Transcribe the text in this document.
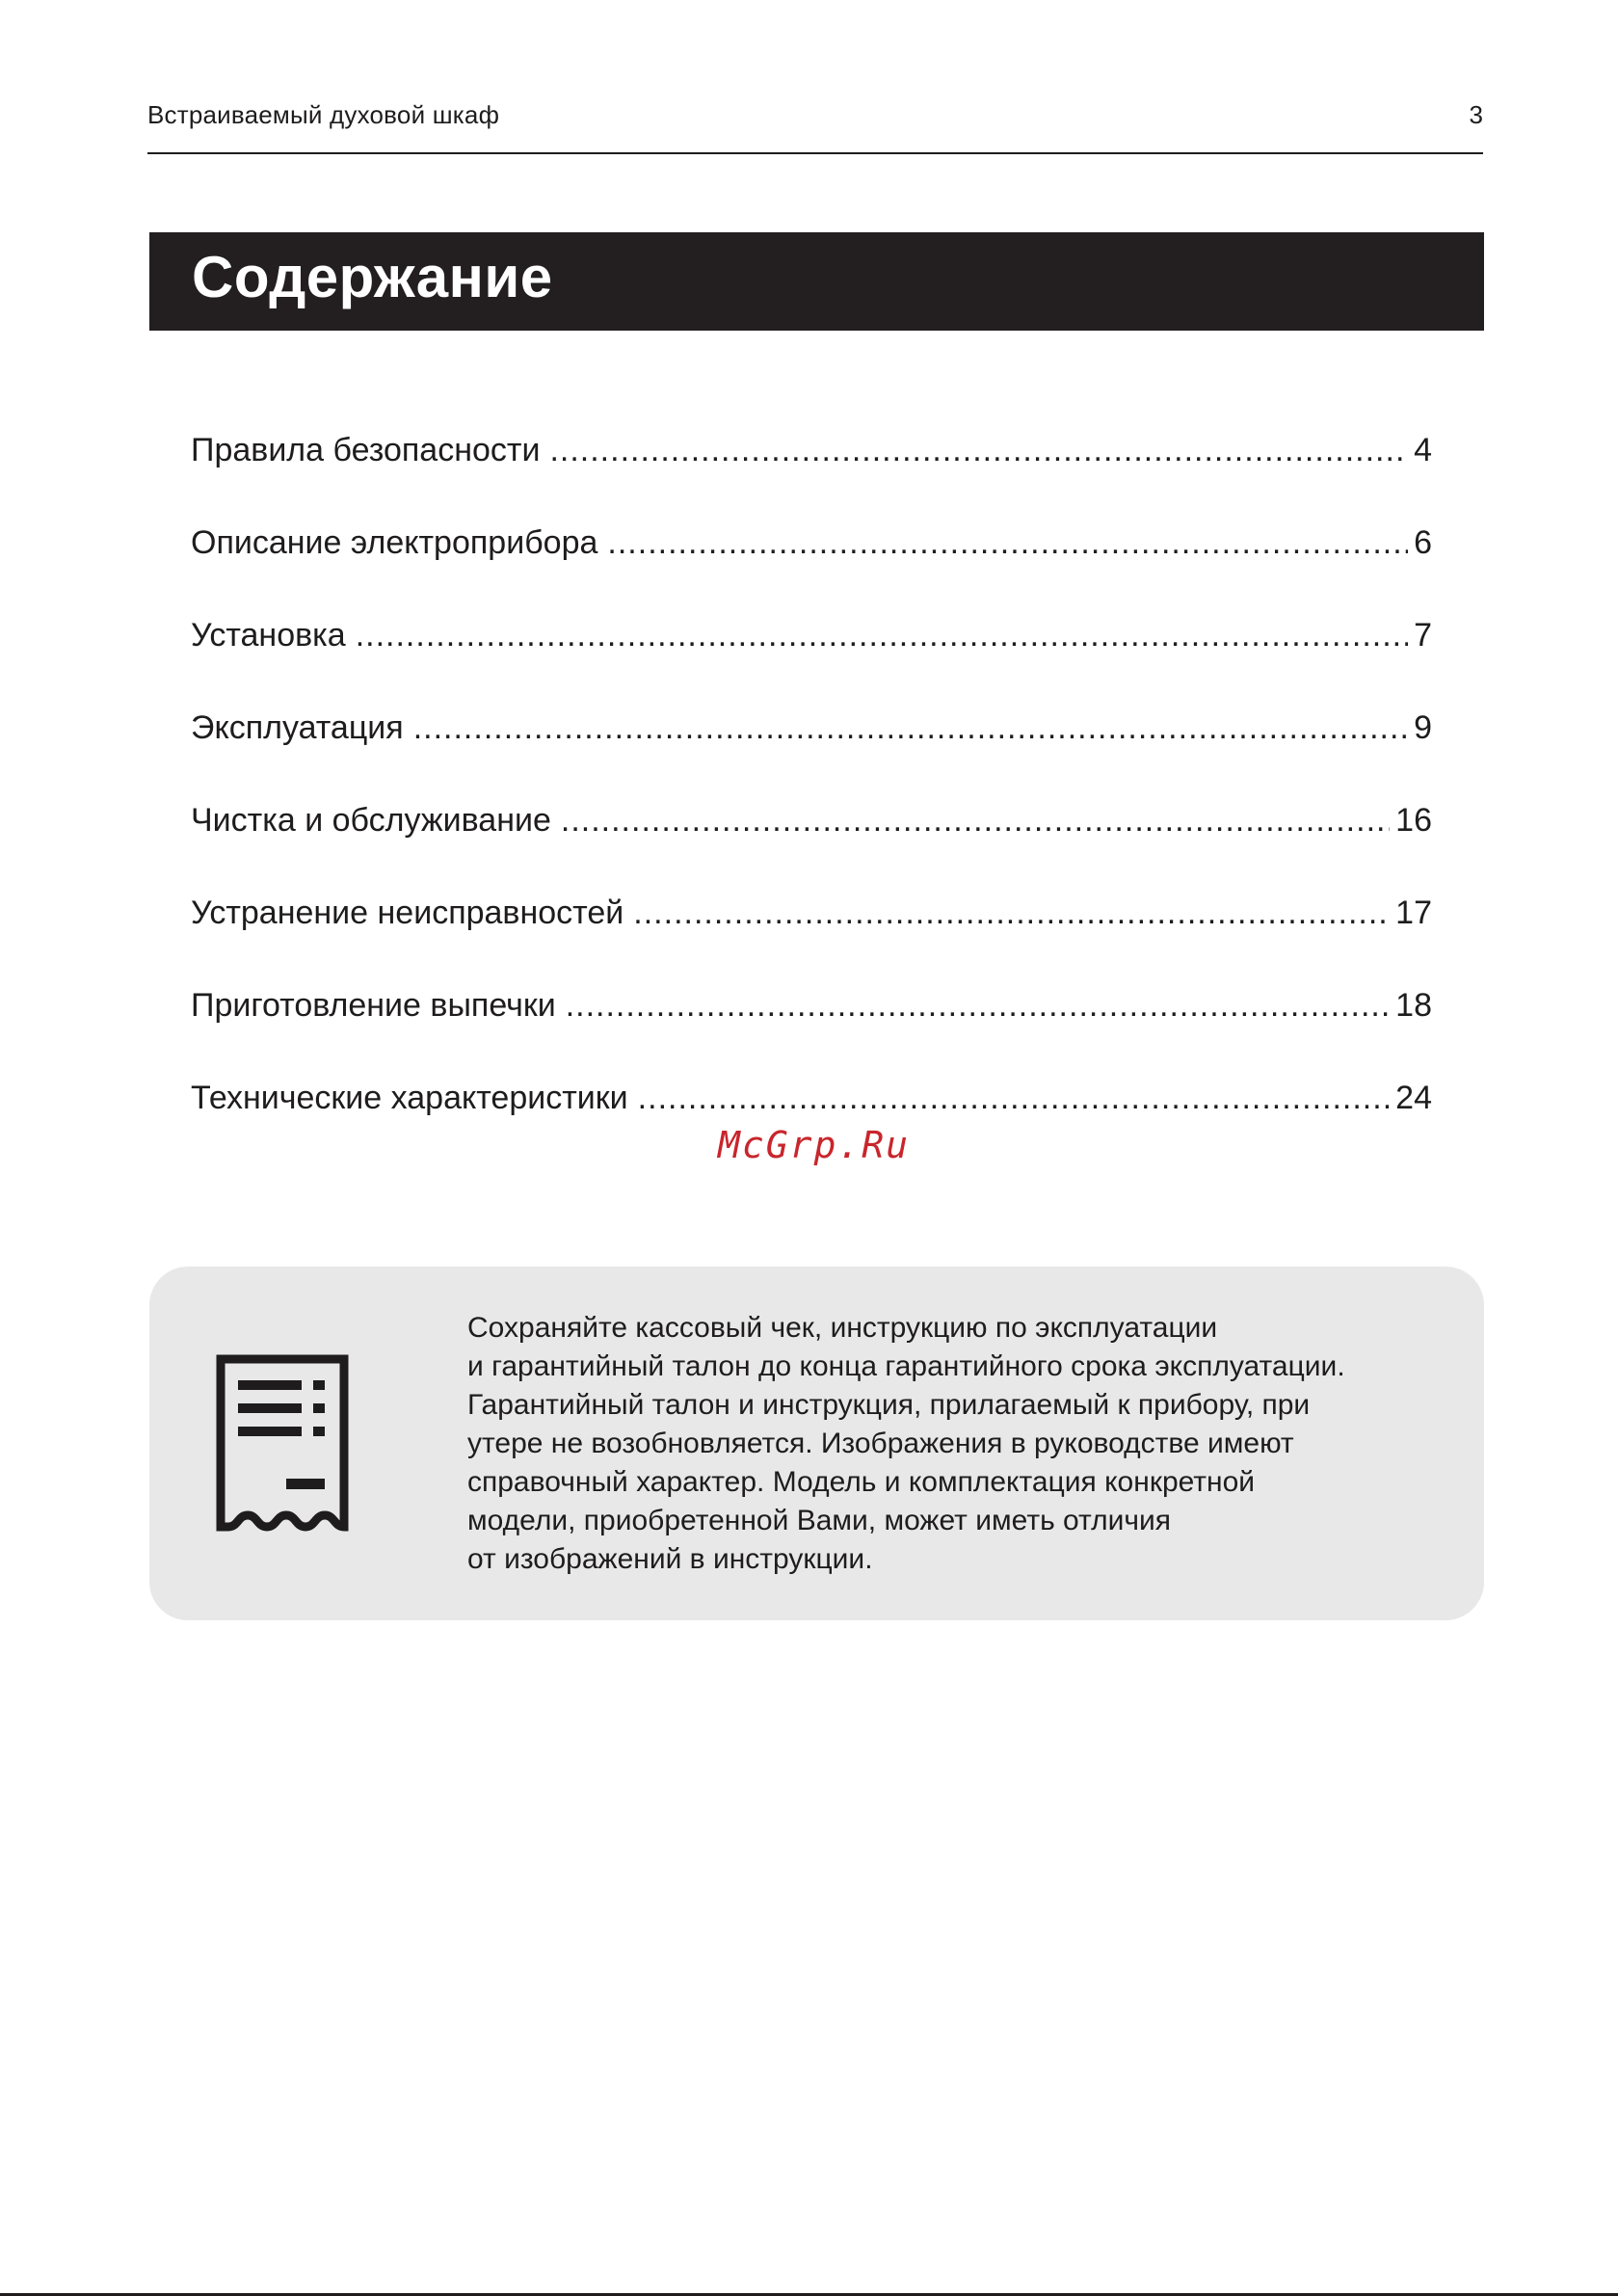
Встраиваемый духовой шкаф	3
Содержание
Правила безопасности .....	4
Описание электроприбора .....	6
Установка .....	7
Эксплуатация .....	9
Чистка и обслуживание .....	16
Устранение неисправностей .....	17
Приготовление выпечки .....	18
Технические характеристики .....	24
McGrp.Ru

Сохраняйте кассовый чек, инструкцию по эксплуатации
и гарантийный талон до конца гарантийного срока эксплуатации.
Гарантийный талон и инструкция, прилагаемый к прибору, при
утере не возобновляется. Изображения в руководстве имеют
справочный характер. Модель и комплектация конкретной
модели, приобретенной Вами, может иметь отличия
от изображений в инструкции.
